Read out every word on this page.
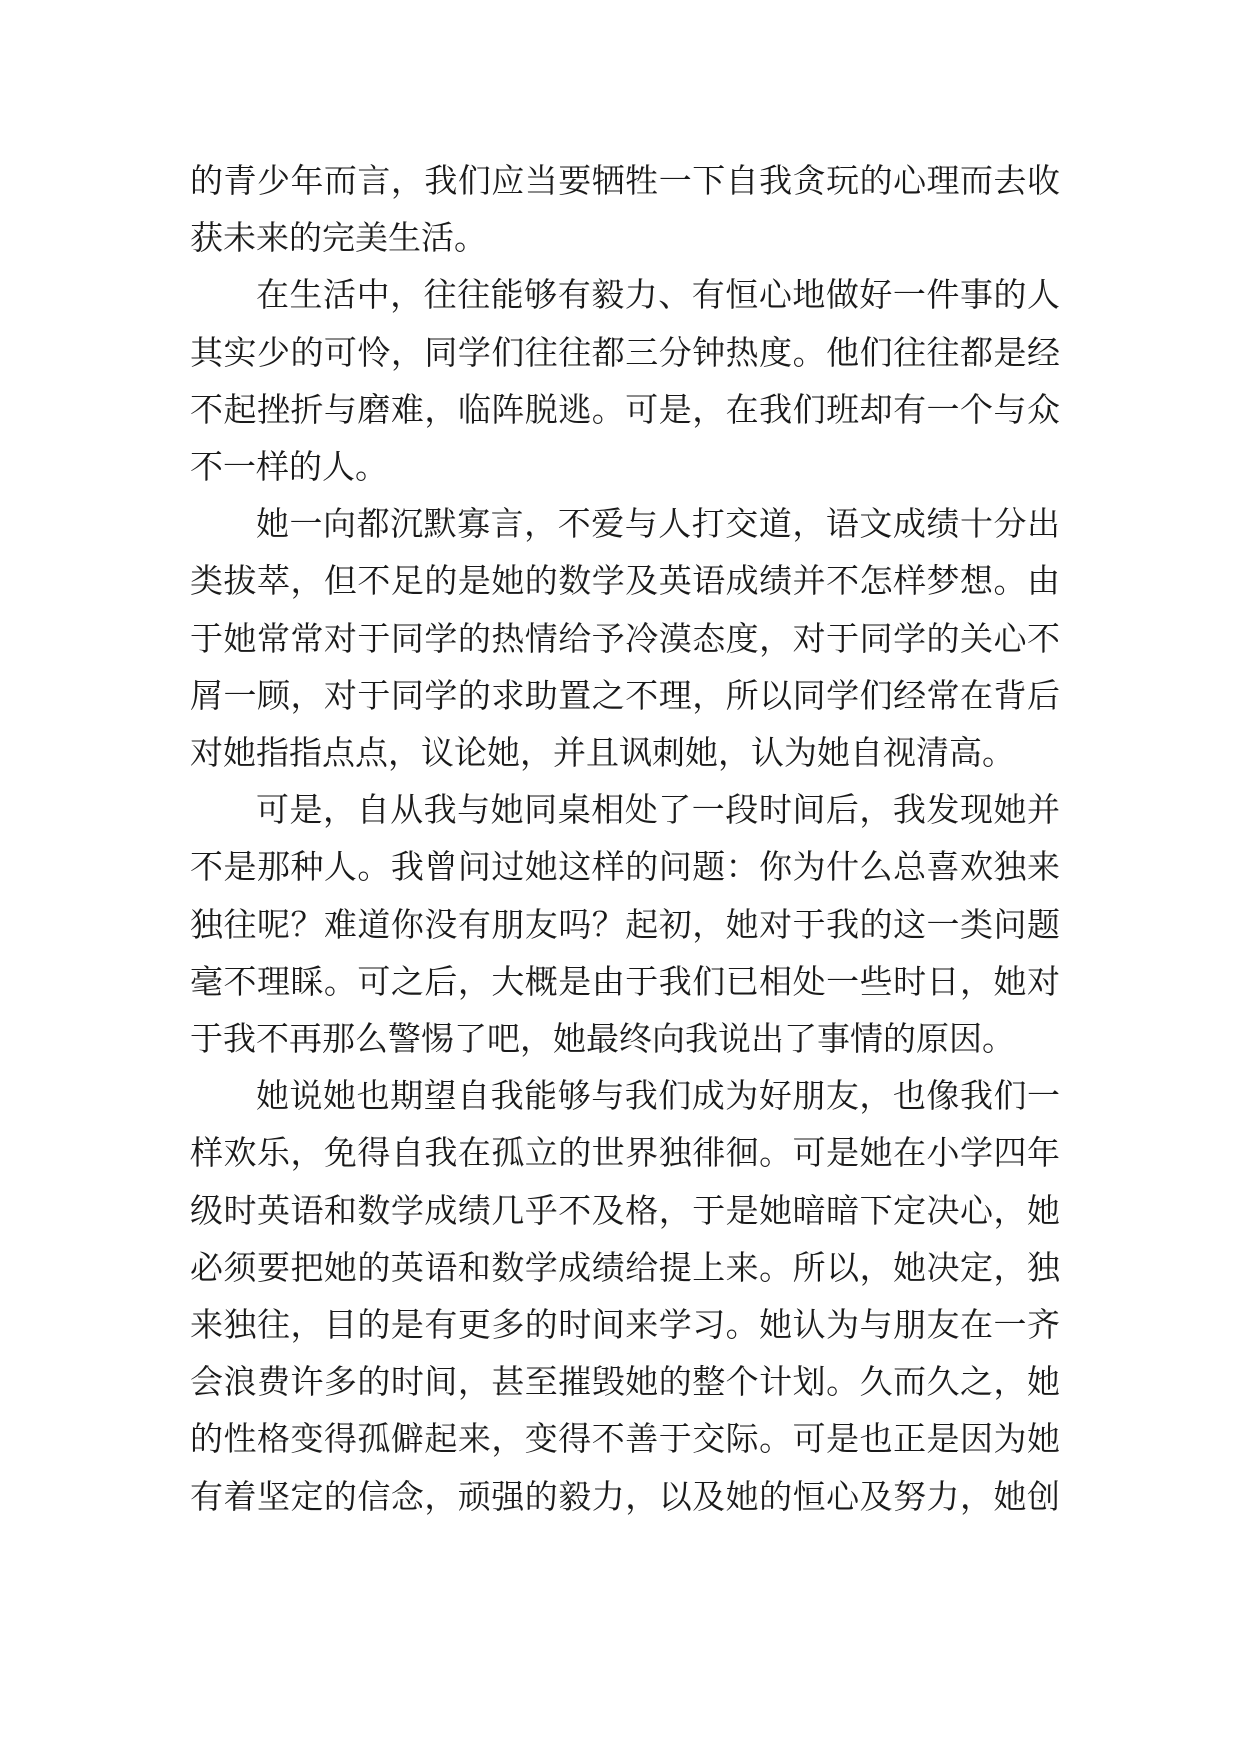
的青少年而言，我们应当要牺牲一下自我贪玩的心理而去收
获未来的完美生活。
在生活中，往往能够有毅力、有恒心地做好一件事的人
其实少的可怜，同学们往往都三分钟热度。他们往往都是经
不起挫折与磨难，临阵脱逃。可是，在我们班却有一个与众
不一样的人。
她一向都沉默寡言，不爱与人打交道，语文成绩十分出
类拔萃，但不足的是她的数学及英语成绩并不怎样梦想。由
于她常常对于同学的热情给予冷漠态度，对于同学的关心不
屑一顾，对于同学的求助置之不理，所以同学们经常在背后
对她指指点点，议论她，并且讽刺她，认为她自视清高。
可是，自从我与她同桌相处了一段时间后，我发现她并
不是那种人。我曾问过她这样的问题：你为什么总喜欢独来
独往呢？难道你没有朋友吗？起初，她对于我的这一类问题
毫不理睬。可之后，大概是由于我们已相处一些时日，她对
于我不再那么警惕了吧，她最终向我说出了事情的原因。
她说她也期望自我能够与我们成为好朋友，也像我们一
样欢乐，免得自我在孤立的世界独徘徊。可是她在小学四年
级时英语和数学成绩几乎不及格，于是她暗暗下定决心，她
必须要把她的英语和数学成绩给提上来。所以，她决定，独
来独往，目的是有更多的时间来学习。她认为与朋友在一齐
会浪费许多的时间，甚至摧毁她的整个计划。久而久之，她
的性格变得孤僻起来，变得不善于交际。可是也正是因为她
有着坚定的信念，顽强的毅力，以及她的恒心及努力，她创
